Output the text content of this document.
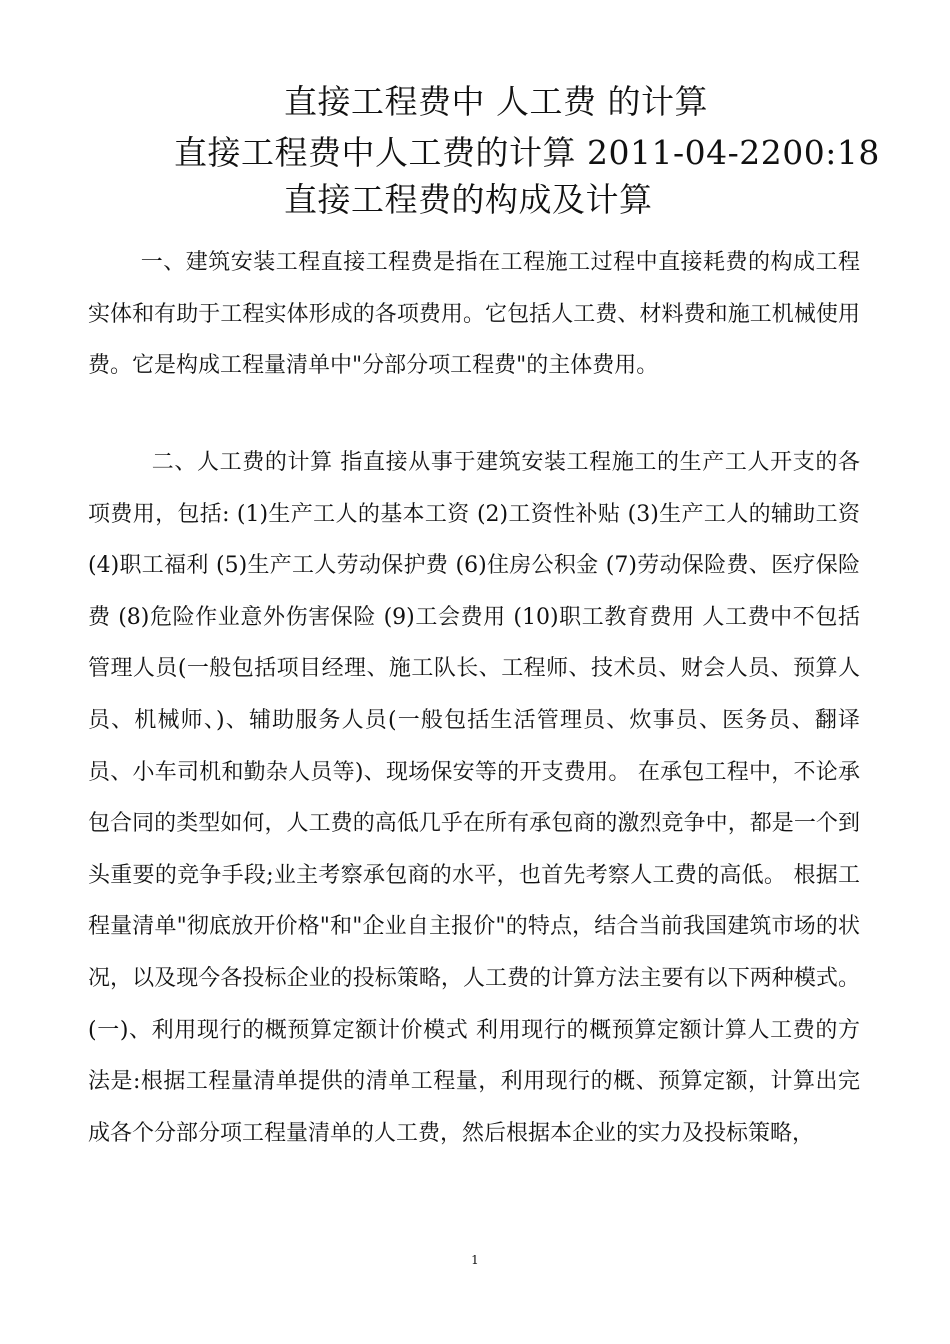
直接工程费中 人工费 的计算
直接工程费中人工费的计算 2011-04-2200:18
直接工程费的构成及计算

一、建筑安装工程直接工程费是指在工程施工过程中直接耗费的构成工程实体和有助于工程实体形成的各项费用。它包括人工费、材料费和施工机械使用费。它是构成工程量清单中"分部分项工程费"的主体费用。

二、人工费的计算 指直接从事于建筑安装工程施工的生产工人开支的各项费用，包括: (1)生产工人的基本工资 (2)工资性补贴 (3)生产工人的辅助工资 (4)职工福利 (5)生产工人劳动保护费 (6)住房公积金 (7)劳动保险费、医疗保险费 (8)危险作业意外伤害保险 (9)工会费用 (10)职工教育费用 人工费中不包括管理人员(一般包括项目经理、施工队长、工程师、技术员、财会人员、预算人员、机械师、)、辅助服务人员(一般包括生活管理员、炊事员、医务员、翻译员、小车司机和勤杂人员等)、现场保安等的开支费用。 在承包工程中，不论承包合同的类型如何，人工费的高低几乎在所有承包商的激烈竞争中，都是一个到头重要的竞争手段;业主考察承包商的水平，也首先考察人工费的高低。 根据工程量清单"彻底放开价格"和"企业自主报价"的特点，结合当前我国建筑市场的状况，以及现今各投标企业的投标策略，人工费的计算方法主要有以下两种模式。 (一)、利用现行的概预算定额计价模式 利用现行的概预算定额计算人工费的方法是:根据工程量清单提供的清单工程量，利用现行的概、预算定额，计算出完成各个分部分项工程量清单的人工费，然后根据本企业的实力及投标策略，

1
